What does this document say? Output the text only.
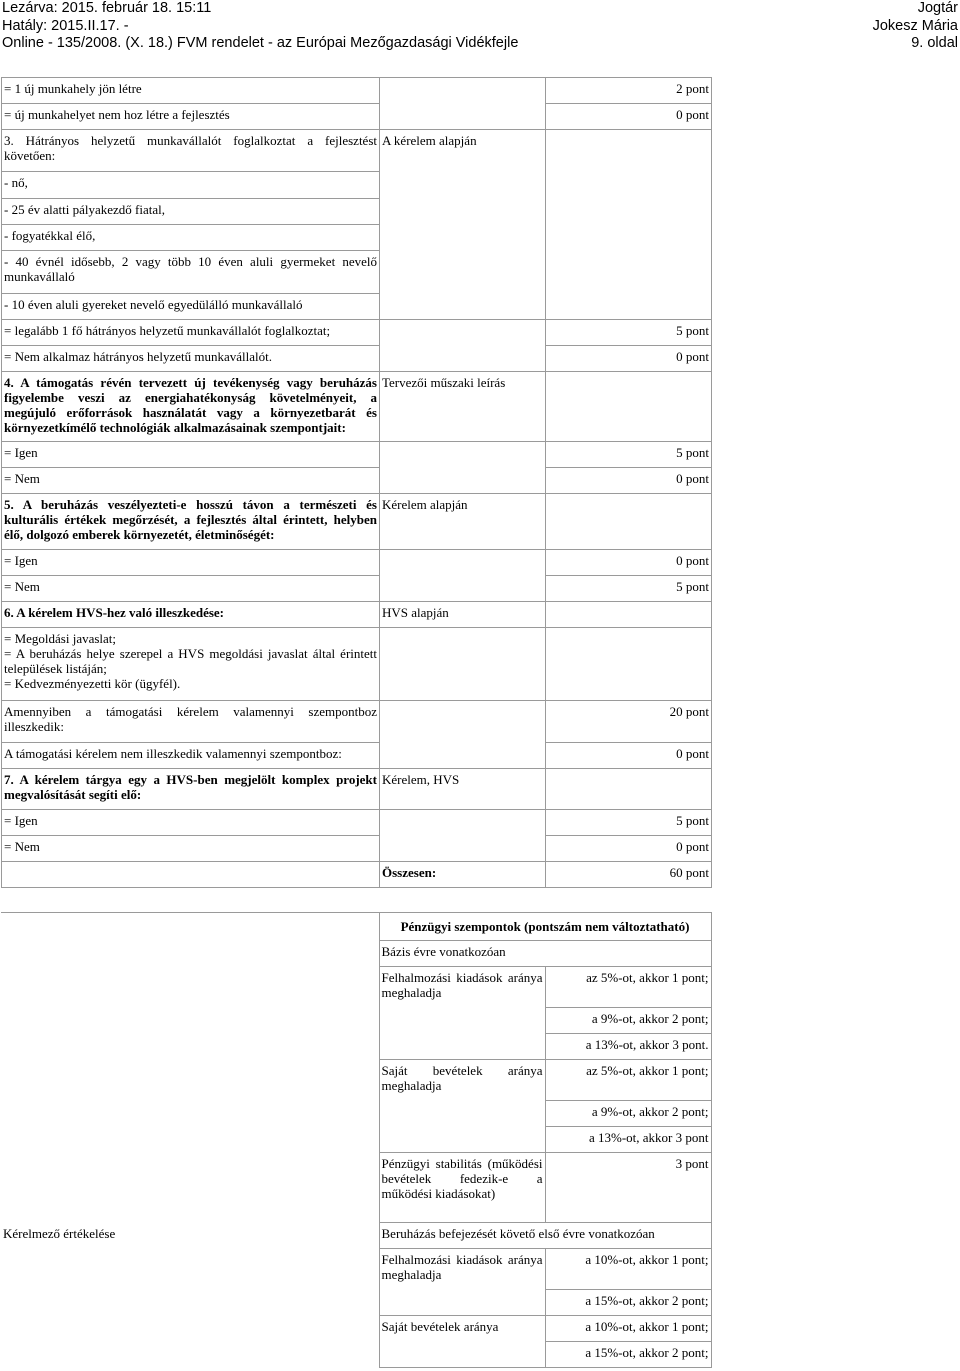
Lezárva: 2015. február 18. 15:11
Hatály: 2015.II.17. -
Online - 135/2008. (X. 18.) FVM rendelet - az Európai Mezőgazdasági Vidékfejle
Jogtár
Jokesz Mária
9. oldal
= 1 új munkahely jön létre		2 pont
= új munkahelyet nem hoz létre a fejlesztés		0 pont
3. Hátrányos helyzetű munkavállalót foglalkoztat a fejlesztést követően:	A kérelem alapján	
- nő,		
- 25 év alatti pályakezdő fiatal,		
- fogyatékkal élő,		
- 40 évnél idősebb, 2 vagy több 10 éven aluli gyermeket nevelő munkavállaló		
- 10 éven aluli gyereket nevelő egyedülálló munkavállaló		
= legalább 1 fő hátrányos helyzetű munkavállalót foglalkoztat;		5 pont
= Nem alkalmaz hátrányos helyzetű munkavállalót.		0 pont
4. A támogatás révén tervezett új tevékenység vagy beruházás figyelembe veszi az energiahatékonyság követelményeit, a megújuló erőforrások használatát vagy a környezetbarát és környezetkímélő technológiák alkalmazásainak szempontjait:	Tervezői műszaki leírás	
= Igen		5 pont
= Nem		0 pont
5. A beruházás veszélyezteti-e hosszú távon a természeti és kulturális értékek megőrzését, a fejlesztés által érintett, helyben élő, dolgozó emberek környezetét, életminőségét:	Kérelem alapján	
= Igen		0 pont
= Nem		5 pont
6. A kérelem HVS-hez való illeszkedése:	HVS alapján	

= Megoldási javaslat;
= A beruházás helye szerepel a HVS megoldási javaslat által érintett települések listáján;
= Kedvezményezetti kör (ügyfél).		

Amennyiben a támogatási kérelem valamennyi szempontboz illeszkedik:		20 pont
A támogatási kérelem nem illeszkedik valamennyi szempontboz:		0 pont
7. A kérelem tárgya egy a HVS-ben megjelölt komplex projekt megvalósítását segíti elő:	Kérelem, HVS	
= Igen		5 pont
= Nem		0 pont
	Összesen:	60 pont
	Pénzügyi szempontok (pontszám nem változtatható)	
	Bázis évre vonatkozóan	
	Felhalmozási kiadások aránya meghaladja	az 5%-ot, akkor 1 pont;
		a 9%-ot, akkor 2 pont;
		a 13%-ot, akkor 3 pont.
	Saját bevételek aránya meghaladja	az 5%-ot, akkor 1 pont;
		a 9%-ot, akkor 2 pont;
		a 13%-ot, akkor 3 pont
	Pénzügyi stabilitás (működési bevételek fedezik-e a működési kiadásokat)	3 pont
Kérelmező értékelése	Beruházás befejezését követő első évre vonatkozóan	
	Felhalmozási kiadások aránya meghaladja	a 10%-ot, akkor 1 pont;
		a 15%-ot, akkor 2 pont;
	Saját bevételek aránya	a 10%-ot, akkor 1 pont;
		a 15%-ot, akkor 2 pont;
